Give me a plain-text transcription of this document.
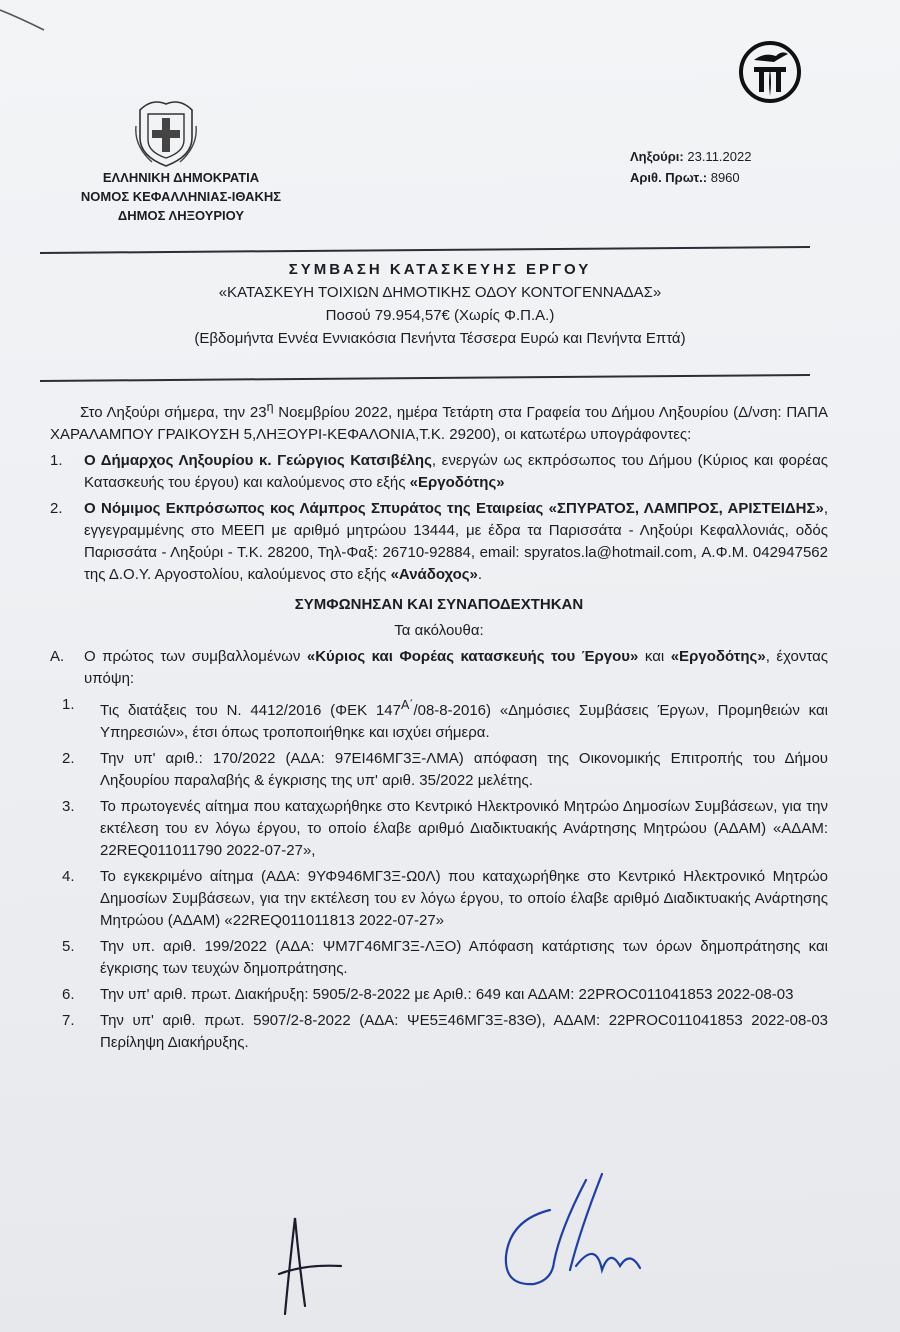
ΕΛΛΗΝΙΚΗ ΔΗΜΟΚΡΑΤΙΑ
ΝΟΜΟΣ ΚΕΦΑΛΛΗΝΙΑΣ-ΙΘΑΚΗΣ
ΔΗΜΟΣ ΛΗΞΟΥΡΙΟΥ
Ληξούρι: 23.11.2022
Αριθ. Πρωτ.: 8960
ΣΥΜΒΑΣΗ ΚΑΤΑΣΚΕΥΗΣ ΕΡΓΟΥ
«ΚΑΤΑΣΚΕΥΗ ΤΟΙΧΙΩΝ ΔΗΜΟΤΙΚΗΣ ΟΔΟΥ ΚΟΝΤΟΓΕΝΝΑΔΑΣ»
Ποσού 79.954,57€ (Χωρίς Φ.Π.Α.)
(Εβδομήντα Εννέα Εννιακόσια Πενήντα Τέσσερα Ευρώ και Πενήντα Επτά)

Στο Ληξούρι σήμερα, την $23^\eta$ Νοεμβρίου 2022, ημέρα Τετάρτη στα Γραφεία του Δήμου Ληξουρίου (Δ/νση: ΠΑΠΑ ΧΑΡΑΛΑΜΠΟΥ ΓΡΑΙΚΟΥΣΗ 5,ΛΗΞΟΥΡΙ-ΚΕΦΑΛΟΝΙΑ,Τ.Κ. 29200), οι κατωτέρω υπογράφοντες:

1.	Ο Δήμαρχος Ληξουρίου κ. Γεώργιος Κατσιβέλης, ενεργών ως εκπρόσωπος του Δήμου (Κύριος και φορέας Κατασκευής του έργου) και καλούμενος στο εξής «Εργοδότης»

2.	Ο Νόμιμος Εκπρόσωπος κος Λάμπρος Σπυράτος της Εταιρείας «ΣΠΥΡΑΤΟΣ, ΛΑΜΠΡΟΣ, ΑΡΙΣΤΕΙΔΗΣ», εγγεγραμμένης στο ΜΕΕΠ με αριθμό μητρώου 13444, με έδρα τα Παρισσάτα - Ληξούρι Κεφαλλονιάς, οδός Παρισσάτα - Ληξούρι - Τ.Κ. 28200, Τηλ-Φαξ: 26710-92884, email: spyratos.la@hotmail.com, Α.Φ.Μ. 042947562 της Δ.Ο.Υ. Αργοστολίου, καλούμενος στο εξής «Ανάδοχος».

ΣΥΜΦΩΝΗΣΑΝ ΚΑΙ ΣΥΝΑΠΟΔΕΧΤΗΚΑΝ

Τα ακόλουθα:

Α.	Ο πρώτος των συμβαλλομένων «Κύριος και Φορέας κατασκευής του Έργου» και «Εργοδότης», έχοντας υπόψη:

1.	Τις διατάξεις του Ν. 4412/2016 (ΦΕΚ $147^{A΄}/08-8-2016$) «Δημόσιες Συμβάσεις Έργων, Προμηθειών και Υπηρεσιών», έτσι όπως τροποποιήθηκε και ισχύει σήμερα.

2.	Την υπ' αριθ.: 170/2022 (ΑΔΑ: 97ΕΙ46ΜΓ3Ξ-ΛΜΑ) απόφαση της Οικονομικής Επιτροπής του Δήμου Ληξουρίου παραλαβής & έγκρισης της υπ' αριθ. 35/2022 μελέτης.

3.	Το πρωτογενές αίτημα που καταχωρήθηκε στο Κεντρικό Ηλεκτρονικό Μητρώο Δημοσίων Συμβάσεων, για την εκτέλεση του εν λόγω έργου, το οποίο έλαβε αριθμό Διαδικτυακής Ανάρτησης Μητρώου (ΑΔΑΜ) «ΑΔΑΜ: 22REQ011011790 2022-07-27»,

4.	Το εγκεκριμένο αίτημα (ΑΔΑ: 9ΥΦ946ΜΓ3Ξ-Ω0Λ) που καταχωρήθηκε στο Κεντρικό Ηλεκτρονικό Μητρώο Δημοσίων Συμβάσεων, για την εκτέλεση του εν λόγω έργου, το οποίο έλαβε αριθμό Διαδικτυακής Ανάρτησης Μητρώου (ΑΔΑΜ) «22REQ011011813 2022-07-27»

5.	Την υπ. αριθ. 199/2022 (ΑΔΑ: ΨΜ7Γ46ΜΓ3Ξ-ΛΞΟ) Απόφαση κατάρτισης των όρων δημοπράτησης και έγκρισης των τευχών δημοπράτησης.

6.	Την υπ' αριθ. πρωτ. Διακήρυξη: 5905/2-8-2022 με Αριθ.: 649 και ΑΔΑΜ: 22PROC011041853 2022-08-03

7.	Την υπ' αριθ. πρωτ. 5907/2-8-2022 (ΑΔΑ: ΨΕ5Ξ46ΜΓ3Ξ-83Θ), ΑΔΑΜ: 22PROC011041853 2022-08-03 Περίληψη Διακήρυξης.
